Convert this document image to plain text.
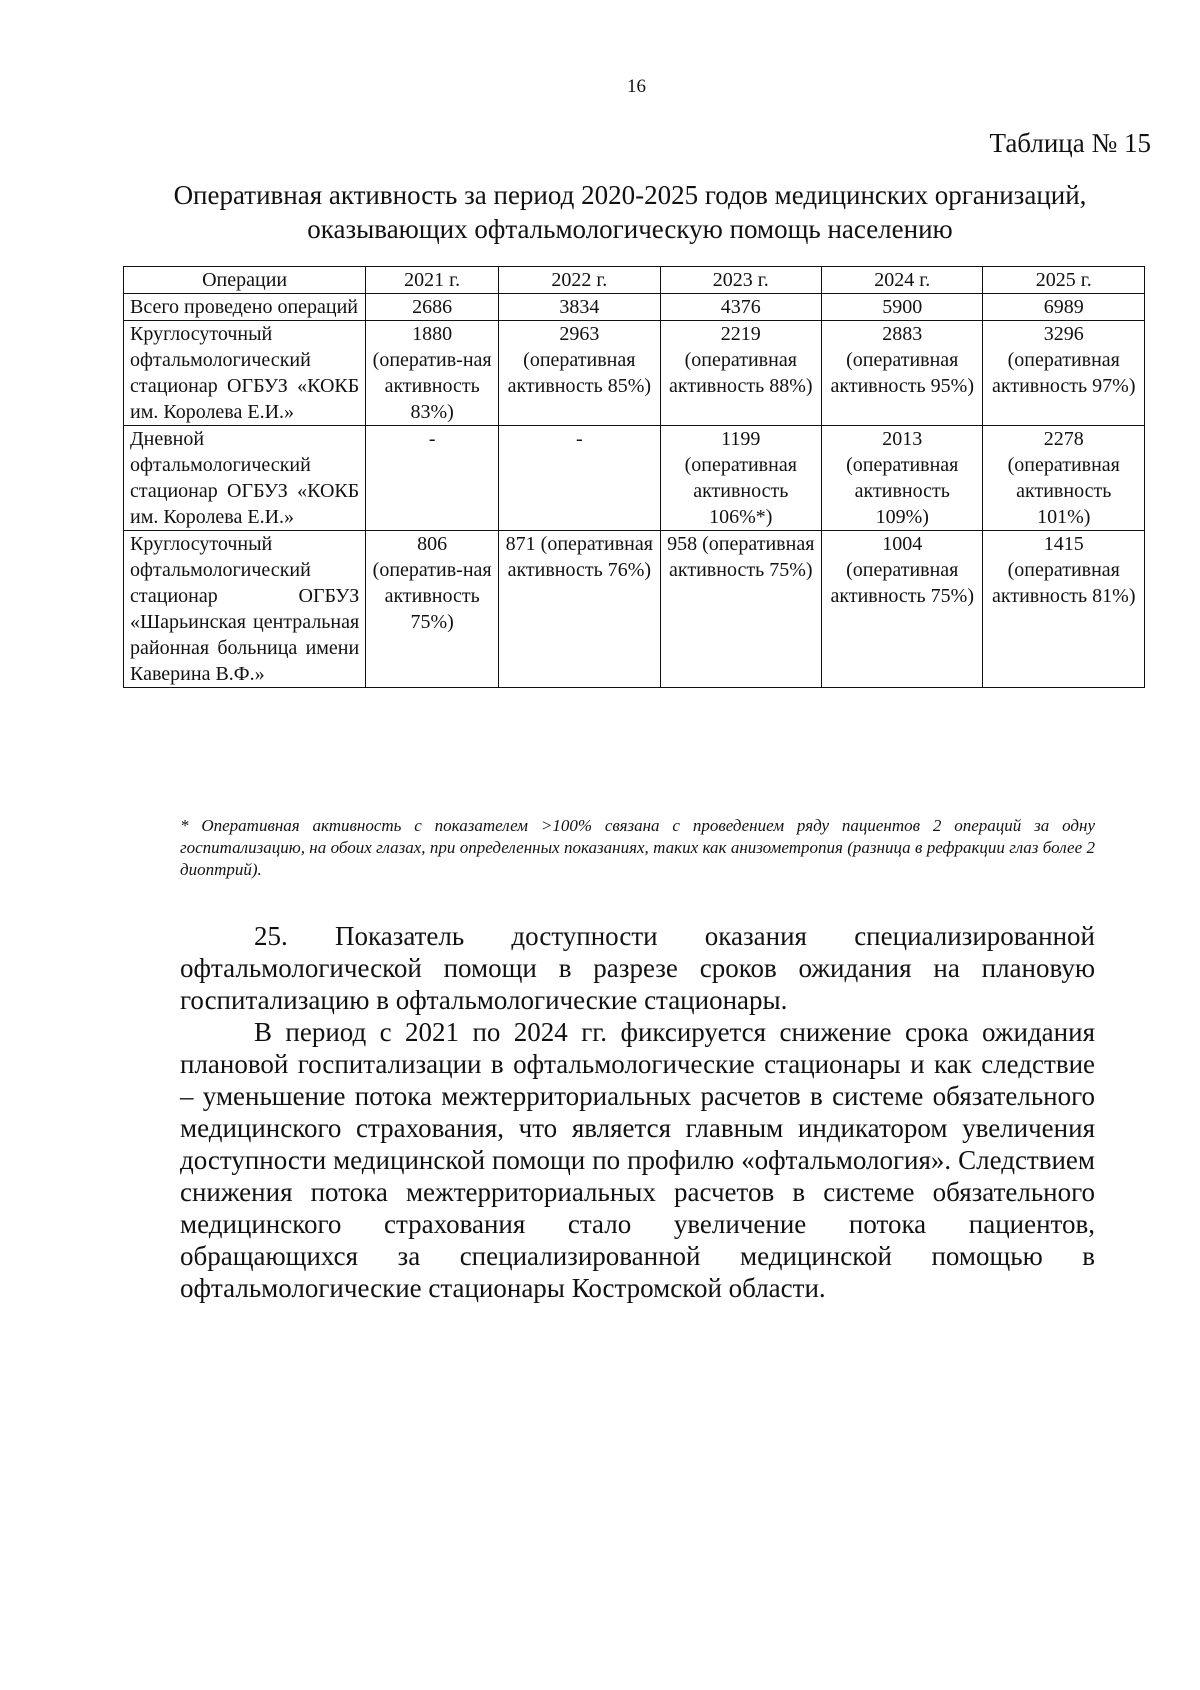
16
Таблица № 15
Оперативная активность за период 2020-2025 годов медицинских организаций, оказывающих офтальмологическую помощь населению
Операции	2021 г.	2022 г.	2023 г.	2024 г.	2025 г.
Всего проведено операций	2686	3834	4376	5900	6989
Круглосуточный офтальмологический стационар ОГБУЗ «КОКБ им. Королева Е.И.»	1880 (оператив-ная активность 83%)	2963 (оперативная активность 85%)	2219 (оперативная активность 88%)	2883 (оперативная активность 95%)	3296 (оперативная активность 97%)
Дневной офтальмологический стационар ОГБУЗ «КОКБ им. Королева Е.И.»	-	-	1199 (оперативная активность 106%*)	2013 (оперативная активность 109%)	2278 (оперативная активность 101%)
Круглосуточный офтальмологический стационар ОГБУЗ «Шарьинская центральная районная больница имени Каверина В.Ф.»	806 (оператив-ная активность 75%)	871 (оперативная активность 76%)	958 (оперативная активность 75%)	1004 (оперативная активность 75%)	1415 (оперативная активность 81%)
* Оперативная активность с показателем >100% связана с проведением ряду пациентов 2 операций за одну госпитализацию, на обоих глазах, при определенных показаниях, таких как анизометропия (разница в рефракции глаз более 2 диоптрий).

25. Показатель доступности оказания специализированной офтальмологической помощи в разрезе сроков ожидания на плановую госпитализацию в офтальмологические стационары.

В период с 2021 по 2024 гг. фиксируется снижение срока ожидания плановой госпитализации в офтальмологические стационары и как следствие – уменьшение потока межтерриториальных расчетов в системе обязательного медицинского страхования, что является главным индикатором увеличения доступности медицинской помощи по профилю «офтальмология». Следствием снижения потока межтерриториальных расчетов в системе обязательного медицинского страхования стало увеличение потока пациентов, обращающихся за специализированной медицинской помощью в офтальмологические стационары Костромской области.
